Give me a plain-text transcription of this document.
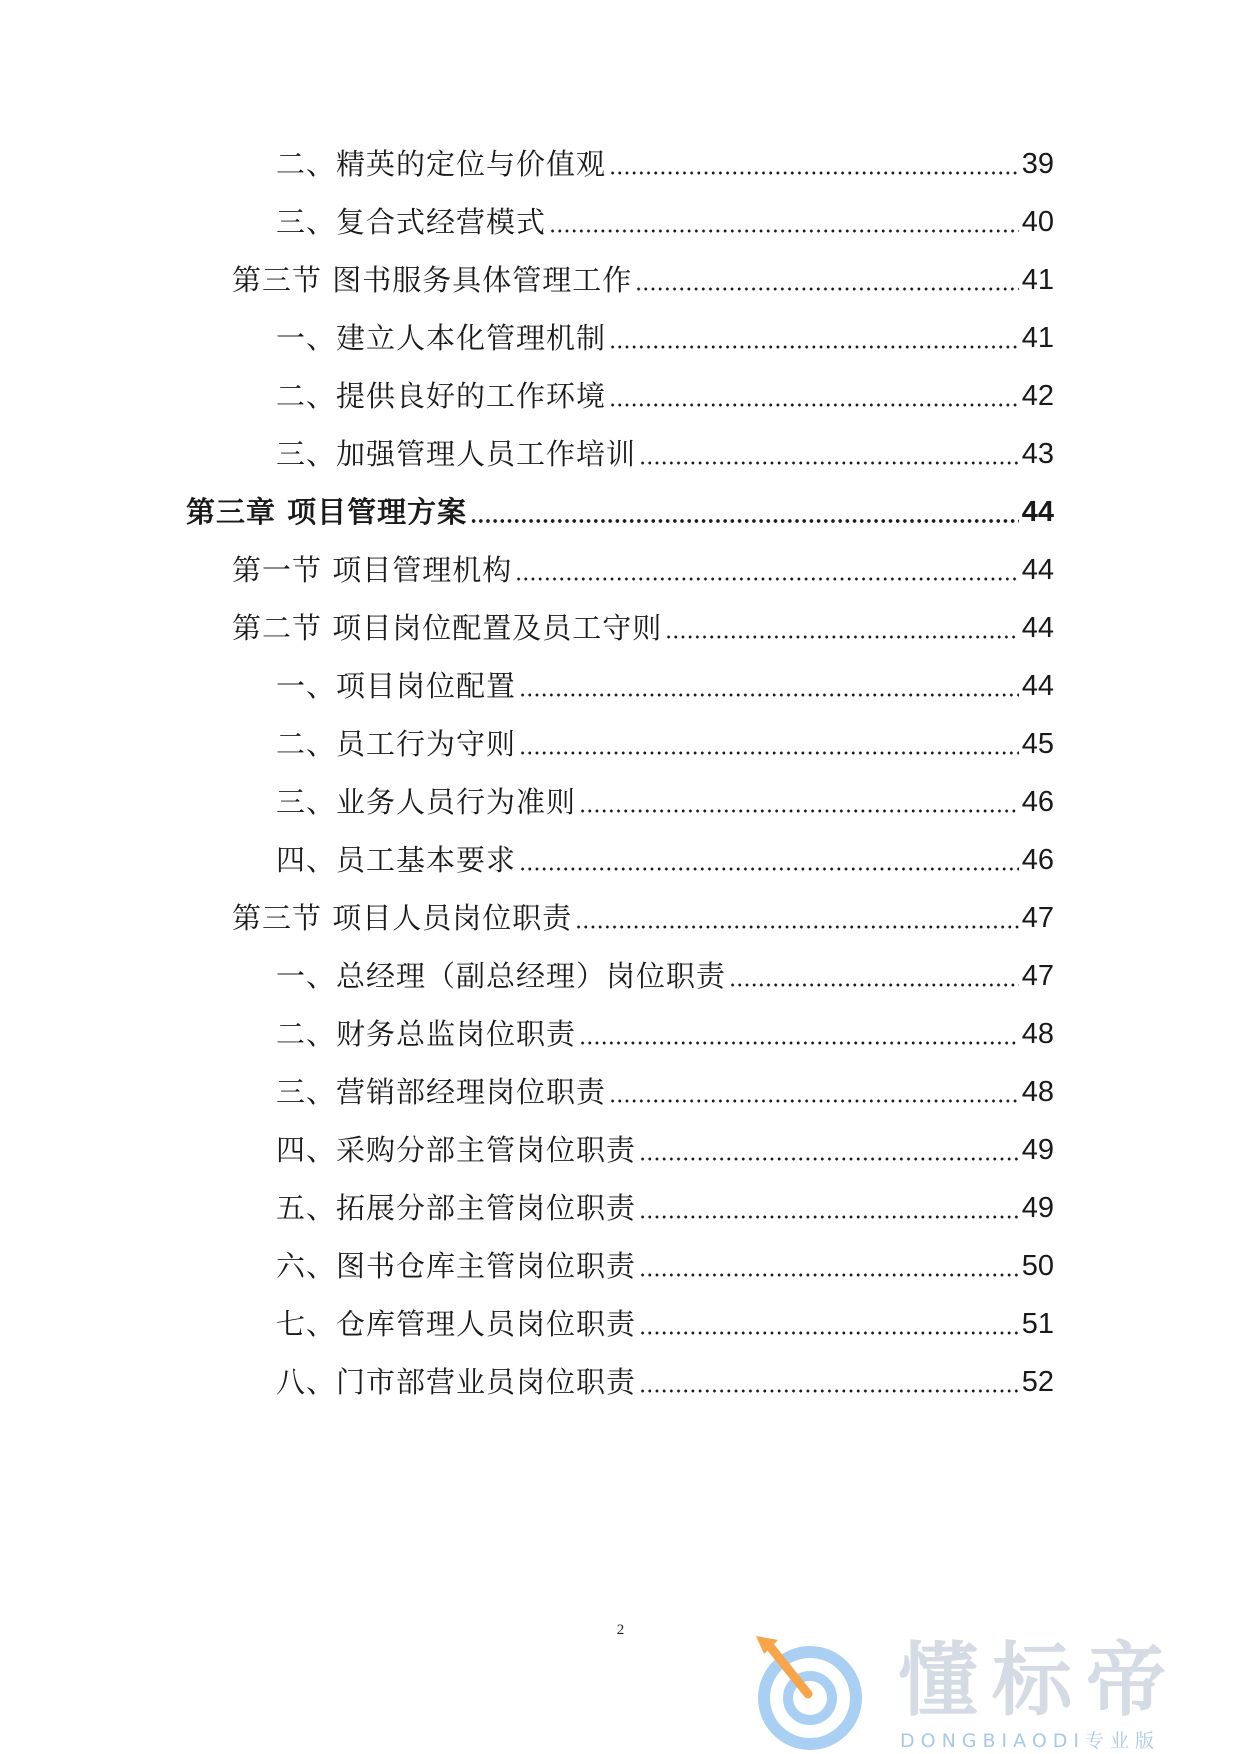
二、精英的定位与价值观	39
三、复合式经营模式	40
第三节 图书服务具体管理工作	41
一、建立人本化管理机制	41
二、提供良好的工作环境	42
三、加强管理人员工作培训	43
第三章 项目管理方案	44
第一节 项目管理机构	44
第二节 项目岗位配置及员工守则	44
一、项目岗位配置	44
二、员工行为守则	45
三、业务人员行为准则	46
四、员工基本要求	46
第三节 项目人员岗位职责	47
一、总经理（副总经理）岗位职责	47
二、财务总监岗位职责	48
三、营销部经理岗位职责	48
四、采购分部主管岗位职责	49
五、拓展分部主管岗位职责	49
六、图书仓库主管岗位职责	50
七、仓库管理人员岗位职责	51
八、门市部营业员岗位职责	52
2
懂标帝
DONGBIAODI专业版
